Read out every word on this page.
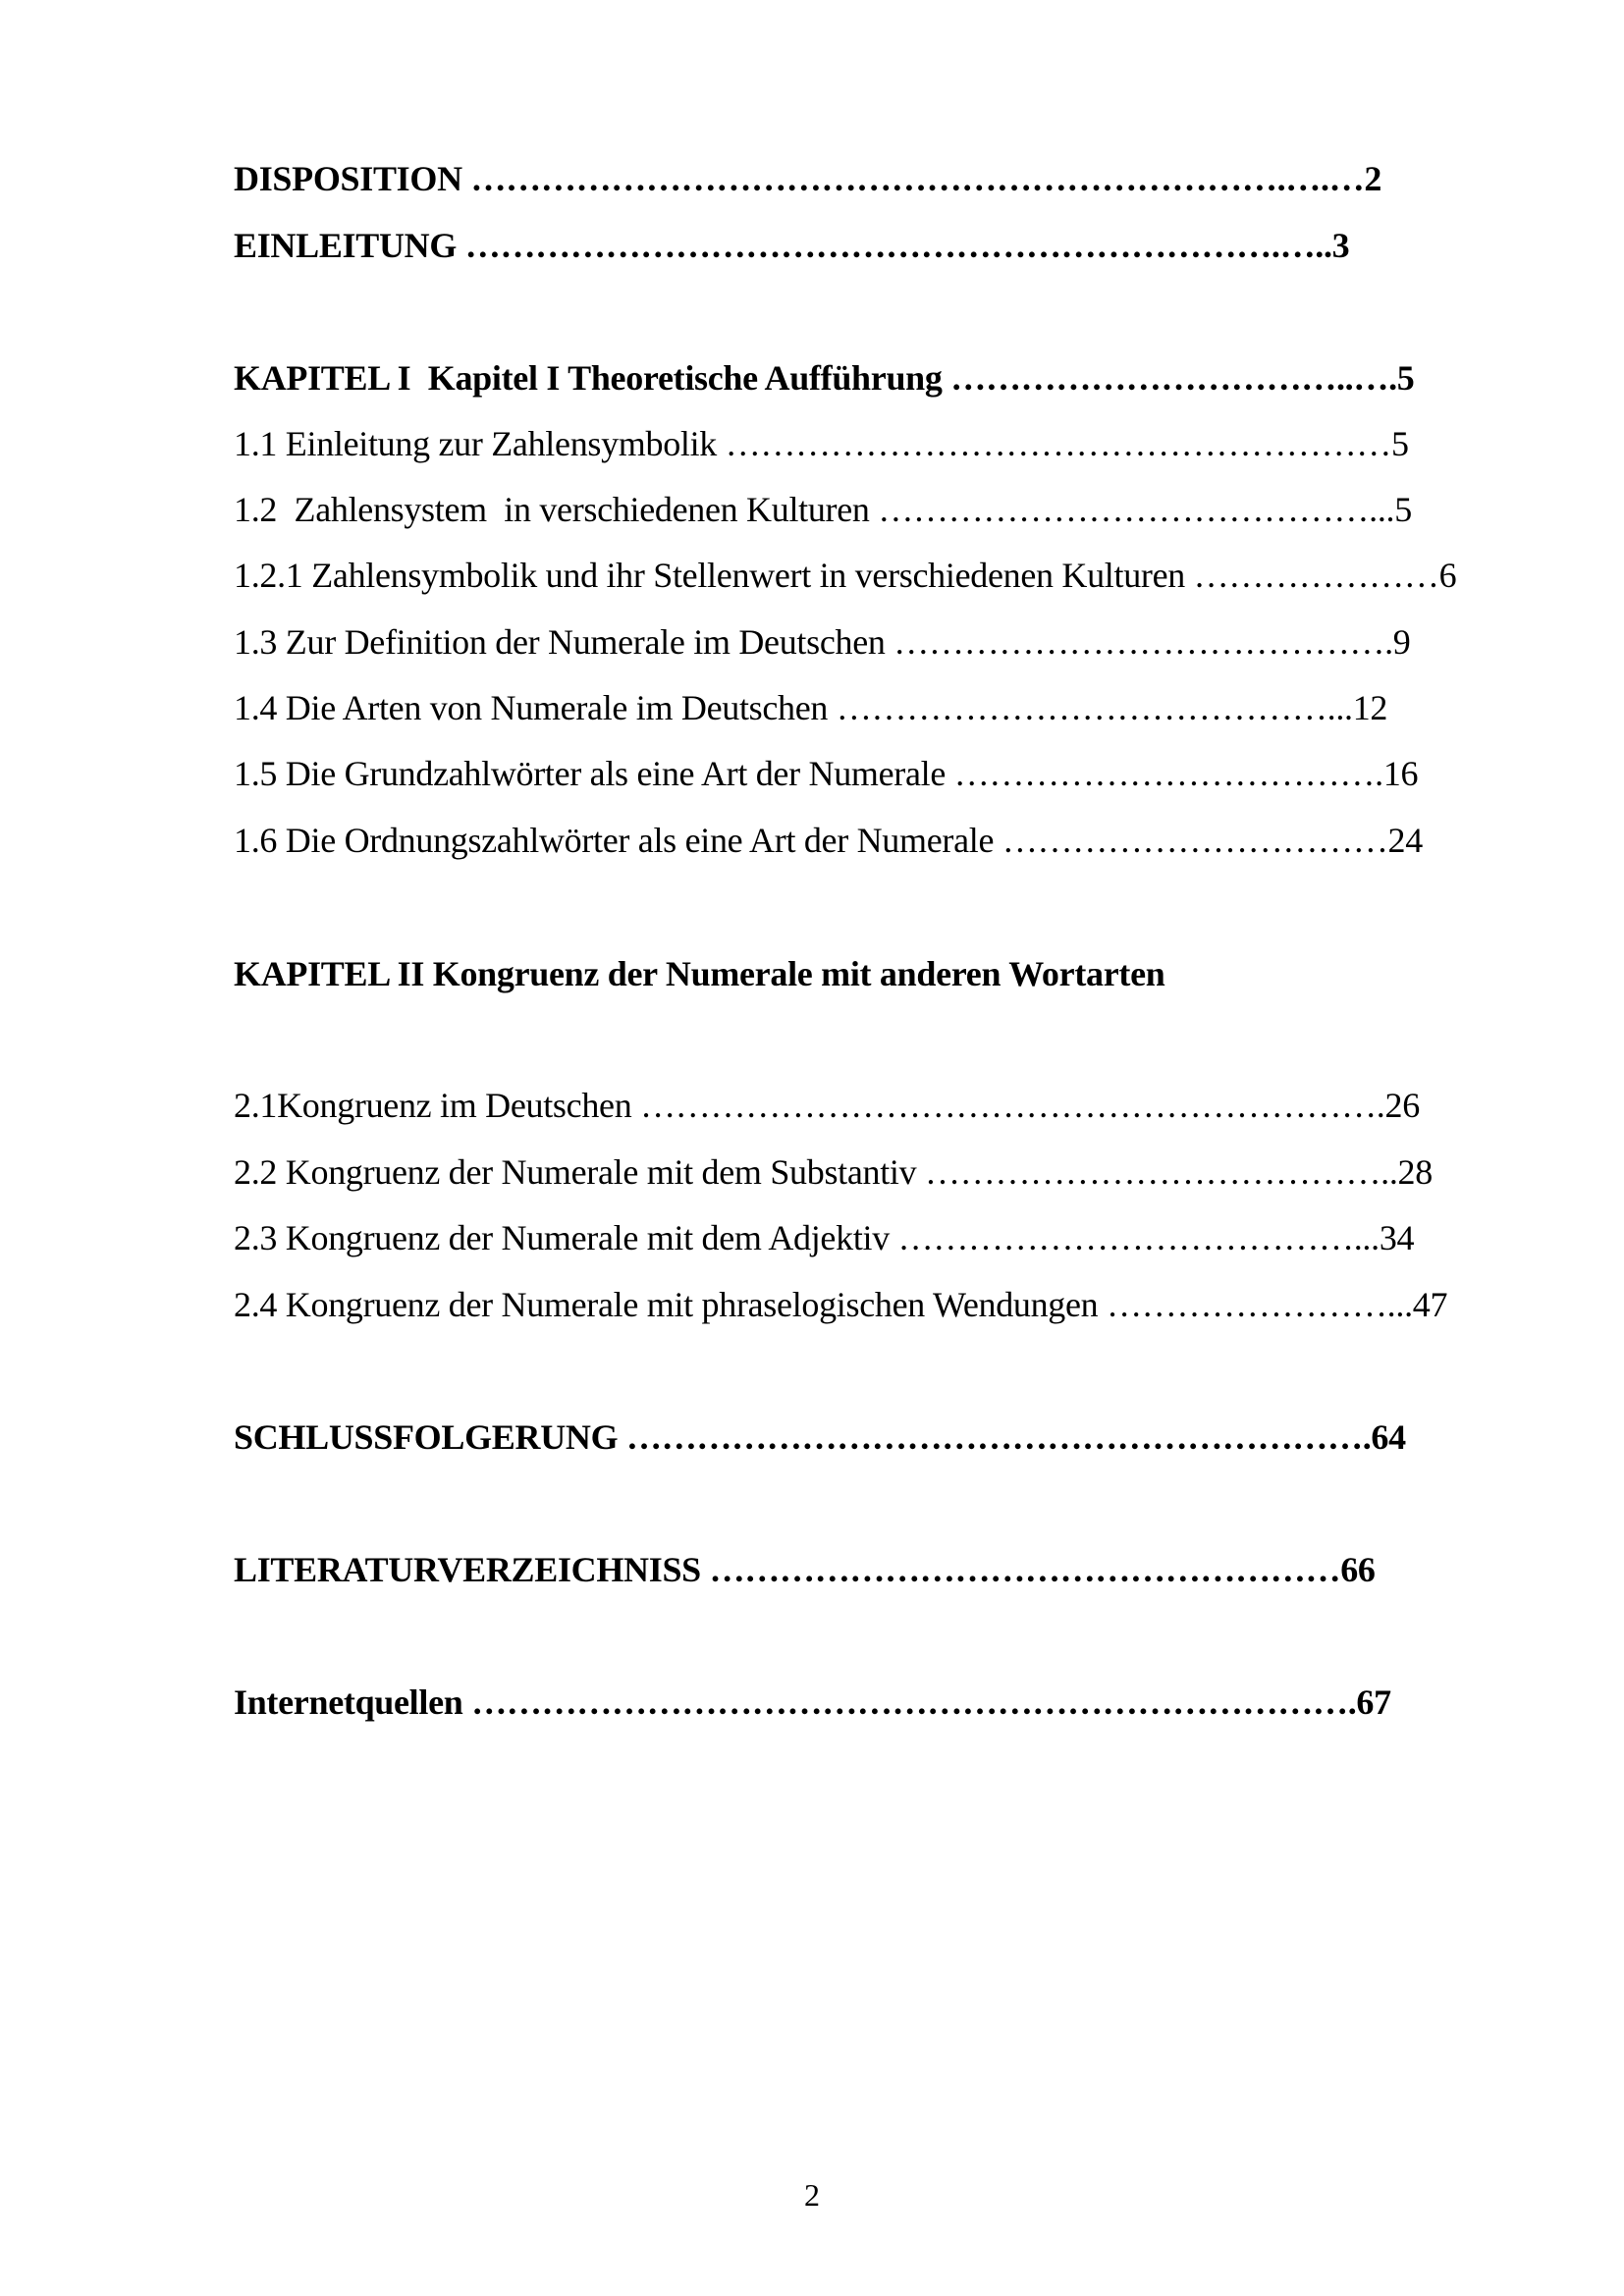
DISPOSITION …………………………………………………………….….…2
EINLEITUNG …………………………………………………………….…..3
KAPITEL I  Kapitel I Theoretische Aufführung ……………………………..….5
1.1 Einleitung zur Zahlensymbolik …………………………………………………5
1.2  Zahlensystem  in verschiedenen Kulturen ……………………………………...5
1.2.1 Zahlensymbolik und ihr Stellenwert in verschiedenen Kulturen …………………6
1.3 Zur Definition der Numerale im Deutschen …………………………………….9
1.4 Die Arten von Numerale im Deutschen ……………………………………...12
1.5 Die Grundzahlwörter als eine Art der Numerale ……………………………….16
1.6 Die Ordnungszahlwörter als eine Art der Numerale ……………………………24
KAPITEL II Kongruenz der Numerale mit anderen Wortarten
2.1Kongruenz im Deutschen ……………………………………………………….26
2.2 Kongruenz der Numerale mit dem Substantiv …………………………………..28
2.3 Kongruenz der Numerale mit dem Adjektiv …………………………………...34
2.4 Kongruenz der Numerale mit phraselogischen Wendungen ……………………...47
SCHLUSSFOLGERUNG ……………………………………………………….64
LITERATURVERZEICHNISS ………………………………………………66
Internetquellen ………………………………………………………………….67
2
